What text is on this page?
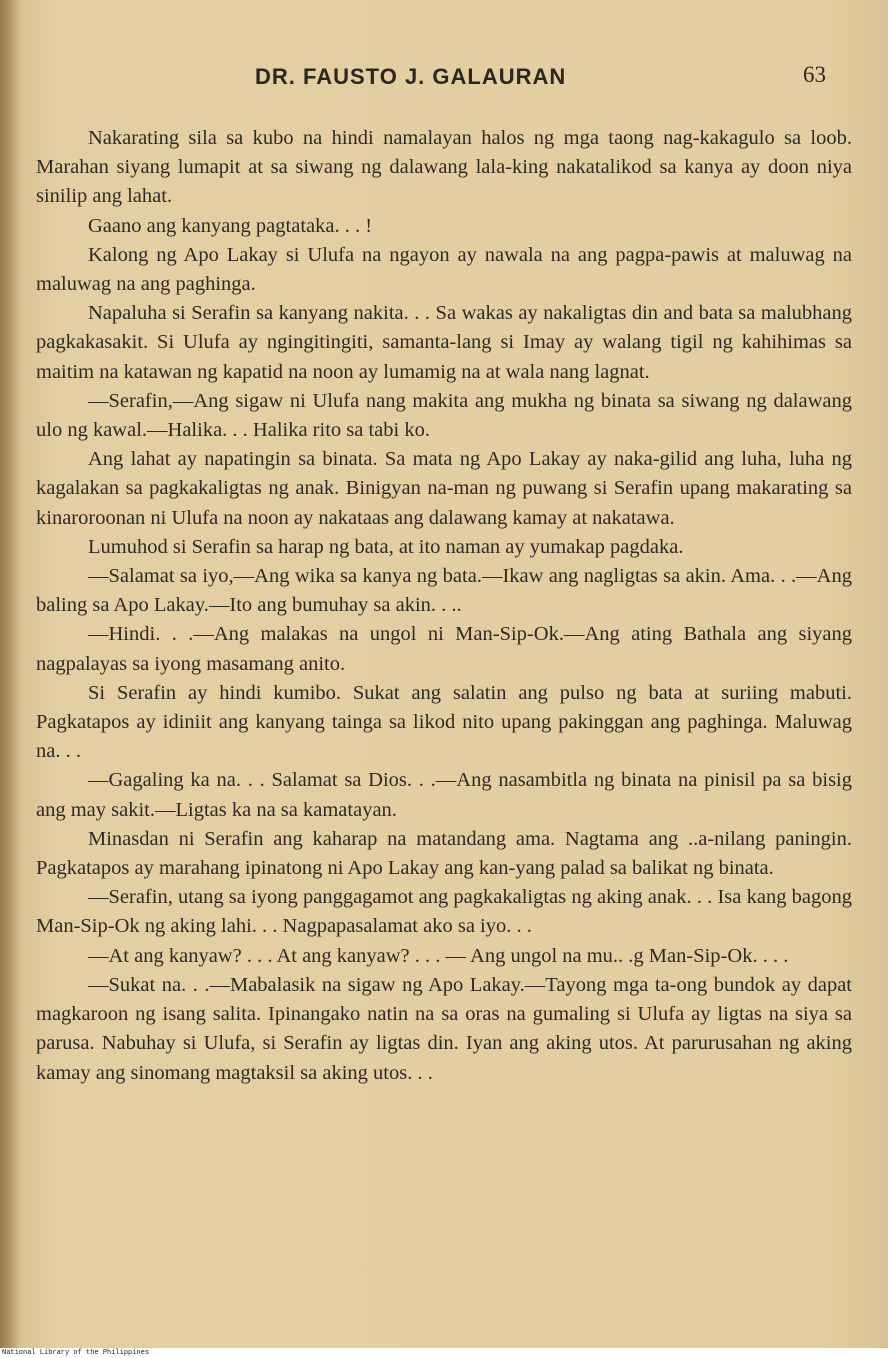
DR. FAUSTO J. GALAURAN	63

Nakarating sila sa kubo na hindi namalayan halos ng mga taong nag-kakagulo sa loob. Marahan siyang lumapit at sa siwang ng dalawang lala-king nakatalikod sa kanya ay doon niya sinilip ang lahat.

Gaano ang kanyang pagtataka. . . !

Kalong ng Apo Lakay si Ulufa na ngayon ay nawala na ang pagpa-pawis at maluwag na maluwag na ang paghinga.

Napaluha si Serafin sa kanyang nakita. . . Sa wakas ay nakaligtas din and bata sa malubhang pagkakasakit. Si Ulufa ay ngingitingiti, samanta-lang si Imay ay walang tigil ng kahihimas sa maitim na katawan ng kapatid na noon ay lumamig na at wala nang lagnat.

—Serafin,—Ang sigaw ni Ulufa nang makita ang mukha ng binata sa siwang ng dalawang ulo ng kawal.—Halika. . . Halika rito sa tabi ko.

Ang lahat ay napatingin sa binata. Sa mata ng Apo Lakay ay naka-gilid ang luha, luha ng kagalakan sa pagkakaligtas ng anak. Binigyan na-man ng puwang si Serafin upang makarating sa kinaroroonan ni Ulufa na noon ay nakataas ang dalawang kamay at nakatawa.

Lumuhod si Serafin sa harap ng bata, at ito naman ay yumakap pagdaka.

—Salamat sa iyo,—Ang wika sa kanya ng bata.—Ikaw ang nagligtas sa akin. Ama. . .—Ang baling sa Apo Lakay.—Ito ang bumuhay sa akin. . ..

—Hindi. . .—Ang malakas na ungol ni Man-Sip-Ok.—Ang ating Bathala ang siyang nagpalayas sa iyong masamang anito.

Si Serafin ay hindi kumibo. Sukat ang salatin ang pulso ng bata at suriing mabuti. Pagkatapos ay idiniit ang kanyang tainga sa likod nito upang pakinggan ang paghinga. Maluwag na. . .

—Gagaling ka na. . . Salamat sa Dios. . .—Ang nasambitla ng binata na pinisil pa sa bisig ang may sakit.—Ligtas ka na sa kamatayan.

Minasdan ni Serafin ang kaharap na matandang ama. Nagtama ang ..a-nilang paningin. Pagkatapos ay marahang ipinatong ni Apo Lakay ang kan-yang palad sa balikat ng binata.

—Serafin, utang sa iyong panggagamot ang pagkakaligtas ng aking anak. . . Isa kang bagong Man-Sip-Ok ng aking lahi. . . Nagpapasalamat ako sa iyo. . .

—At ang kanyaw? . . . At ang kanyaw? . . . — Ang ungol na mu.. .g Man-Sip-Ok. . . .

—Sukat na. . .—Mabalasik na sigaw ng Apo Lakay.—Tayong mga ta-ong bundok ay dapat magkaroon ng isang salita. Ipinangako natin na sa oras na gumaling si Ulufa ay ligtas na siya sa parusa. Nabuhay si Ulufa, si Serafin ay ligtas din. Iyan ang aking utos. At parurusahan ng aking kamay ang sinomang magtaksil sa aking utos. . .

National Library of the Philippines
